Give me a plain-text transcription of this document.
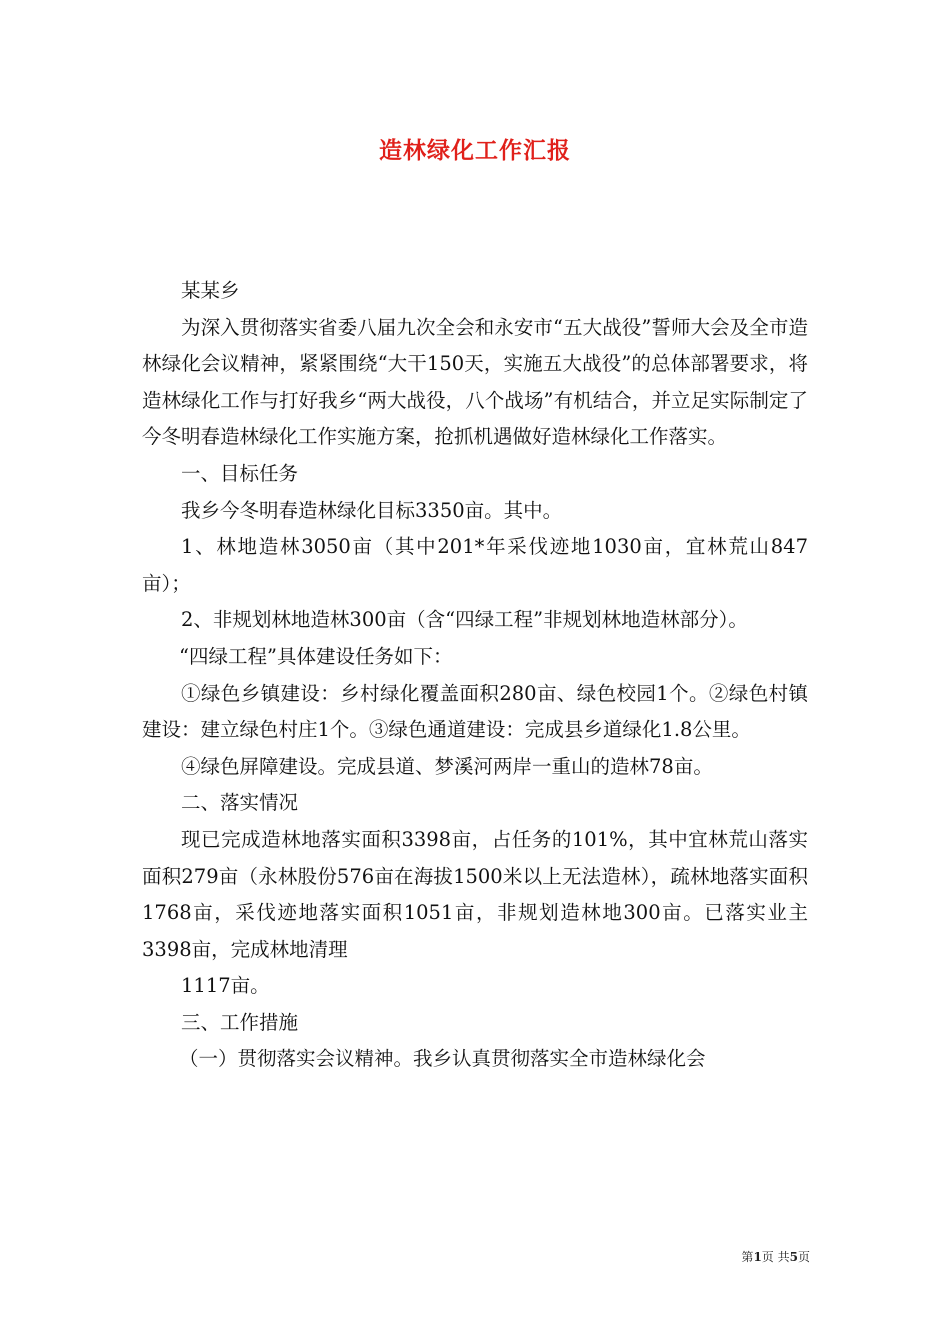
造林绿化工作汇报

某某乡

为深入贯彻落实省委八届九次全会和永安市“五大战役”誓师大会及全市造林绿化会议精神，紧紧围绕“大干150天，实施五大战役”的总体部署要求，将造林绿化工作与打好我乡“两大战役，八个战场”有机结合，并立足实际制定了今冬明春造林绿化工作实施方案，抢抓机遇做好造林绿化工作落实。

一、目标任务

我乡今冬明春造林绿化目标3350亩。其中。

1、林地造林3050亩（其中201*年采伐迹地1030亩，宜林荒山847亩）；

2、非规划林地造林300亩（含“四绿工程”非规划林地造林部分）。

“四绿工程”具体建设任务如下：

①绿色乡镇建设：乡村绿化覆盖面积280亩、绿色校园1个。②绿色村镇建设：建立绿色村庄1个。③绿色通道建设：完成县乡道绿化1.8公里。

④绿色屏障建设。完成县道、梦溪河两岸一重山的造林78亩。

二、落实情况

现已完成造林地落实面积3398亩，占任务的101%，其中宜林荒山落实面积279亩（永林股份576亩在海拔1500米以上无法造林），疏林地落实面积1768亩，采伐迹地落实面积1051亩，非规划造林地300亩。已落实业主3398亩，完成林地清理

1117亩。

三、工作措施

（一）贯彻落实会议精神。我乡认真贯彻落实全市造林绿化会

第1页 共5页
